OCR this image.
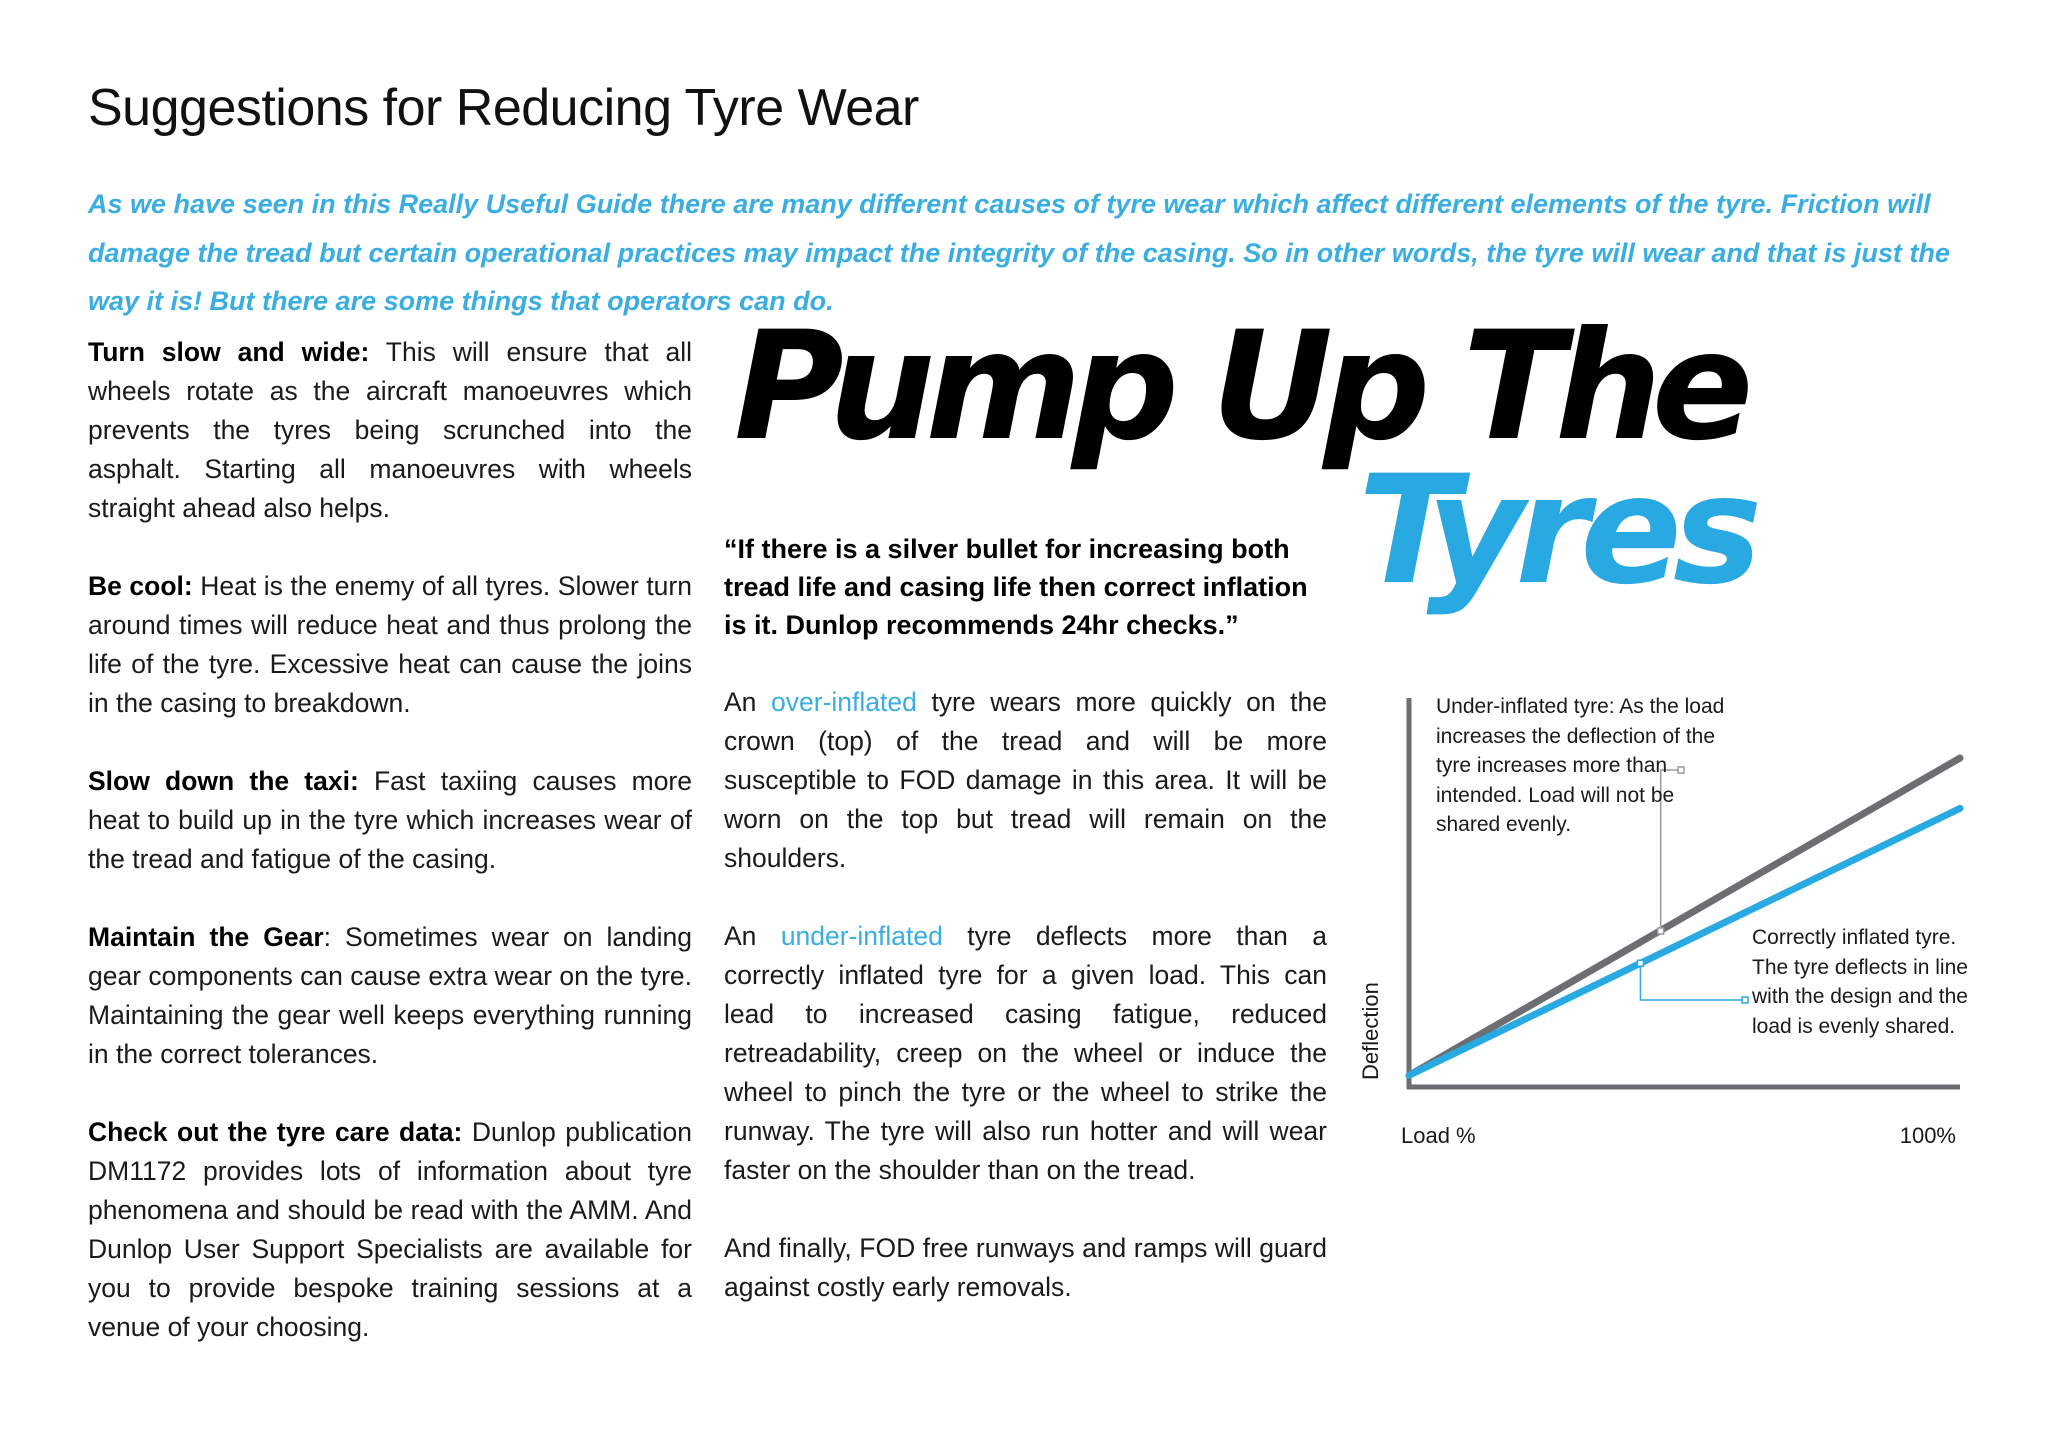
Suggestions for Reducing Tyre Wear

As we have seen in this Really Useful Guide there are many different causes of tyre wear which affect different elements of the tyre. Friction will damage the tread but certain operational practices may impact the integrity of the casing. So in other words, the tyre will wear and that is just the way it is! But there are some things that operators can do.

Turn slow and wide: This will ensure that all wheels rotate as the aircraft manoeuvres which prevents the tyres being scrunched into the asphalt. Starting all manoeuvres with wheels straight ahead also helps.

Be cool: Heat is the enemy of all tyres. Slower turn around times will reduce heat and thus prolong the life of the tyre. Excessive heat can cause the joins in the casing to breakdown.

Slow down the taxi: Fast taxiing causes more heat to build up in the tyre which increases wear of the tread and fatigue of the casing.

Maintain the Gear: Sometimes wear on landing gear components can cause extra wear on the tyre. Maintaining the gear well keeps everything running in the correct tolerances.

Check out the tyre care data: Dunlop publication DM1172 provides lots of information about tyre phenomena and should be read with the AMM. And Dunlop User Support Specialists are available for you to provide bespoke training sessions at a venue of your choosing.

Pump Up The
Tyres

“If there is a silver bullet for increasing both tread life and casing life then correct inflation is it. Dunlop recommends 24hr checks.”

An over-inflated tyre wears more quickly on the crown (top) of the tread and will be more susceptible to FOD damage in this area. It will be worn on the top but tread will remain on the shoulders.

An under-inflated tyre deflects more than a correctly inflated tyre for a given load. This can lead to increased casing fatigue, reduced retreadability, creep on the wheel or induce the wheel to pinch the tyre or the wheel to strike the runway. The tyre will also run hotter and will wear faster on the shoulder than on the tread.

And finally, FOD free runways and ramps will guard against costly early removals.

Under-inflated tyre: As the load increases the deflection of the tyre increases more than intended. Load will not be shared evenly.

Correctly inflated tyre. The tyre deflects in line with the design and the load is evenly shared.

Load %	100%
Deflection
